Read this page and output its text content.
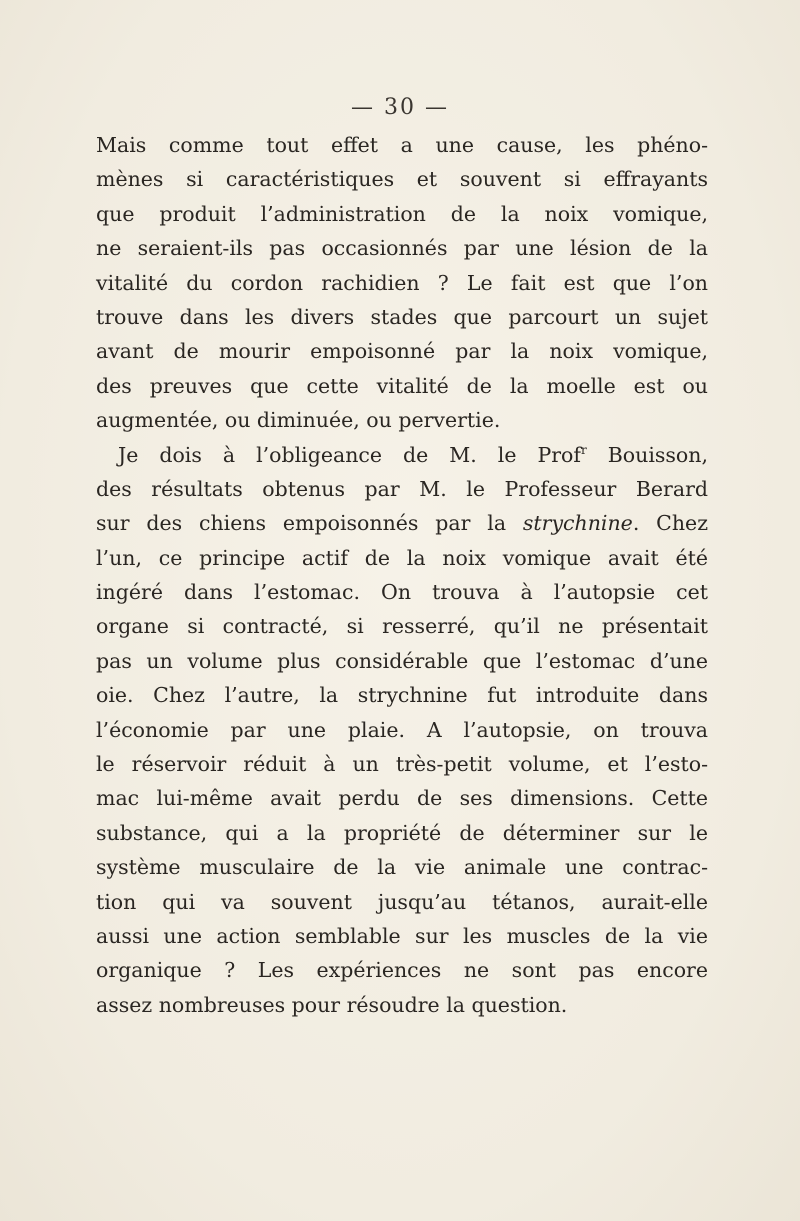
— 30 —
Mais comme tout effet a une cause, les phéno-
mènes si caractéristiques et souvent si effrayants
que produit l’administration de la noix vomique,
ne seraient-ils pas occasionnés par une lésion de la
vitalité du cordon rachidien ? Le fait est que l’on
trouve dans les divers stades que parcourt un sujet
avant de mourir empoisonné par la noix vomique,
des preuves que cette vitalité de la moelle est ou
augmentée, ou diminuée, ou pervertie.
Je dois à l’obligeance de M. le Prof$^r$ Bouisson,
des résultats obtenus par M. le Professeur Berard
sur des chiens empoisonnés par la strychnine. Chez
l’un, ce principe actif de la noix vomique avait été
ingéré dans l’estomac. On trouva à l’autopsie cet
organe si contracté, si resserré, qu’il ne présentait
pas un volume plus considérable que l’estomac d’une
oie. Chez l’autre, la strychnine fut introduite dans
l’économie par une plaie. A l’autopsie, on trouva
le réservoir réduit à un très-petit volume, et l’esto-
mac lui-même avait perdu de ses dimensions. Cette
substance, qui a la propriété de déterminer sur le
système musculaire de la vie animale une contrac-
tion qui va souvent jusqu’au tétanos, aurait-elle
aussi une action semblable sur les muscles de la vie
organique ? Les expériences ne sont pas encore
assez nombreuses pour résoudre la question.
